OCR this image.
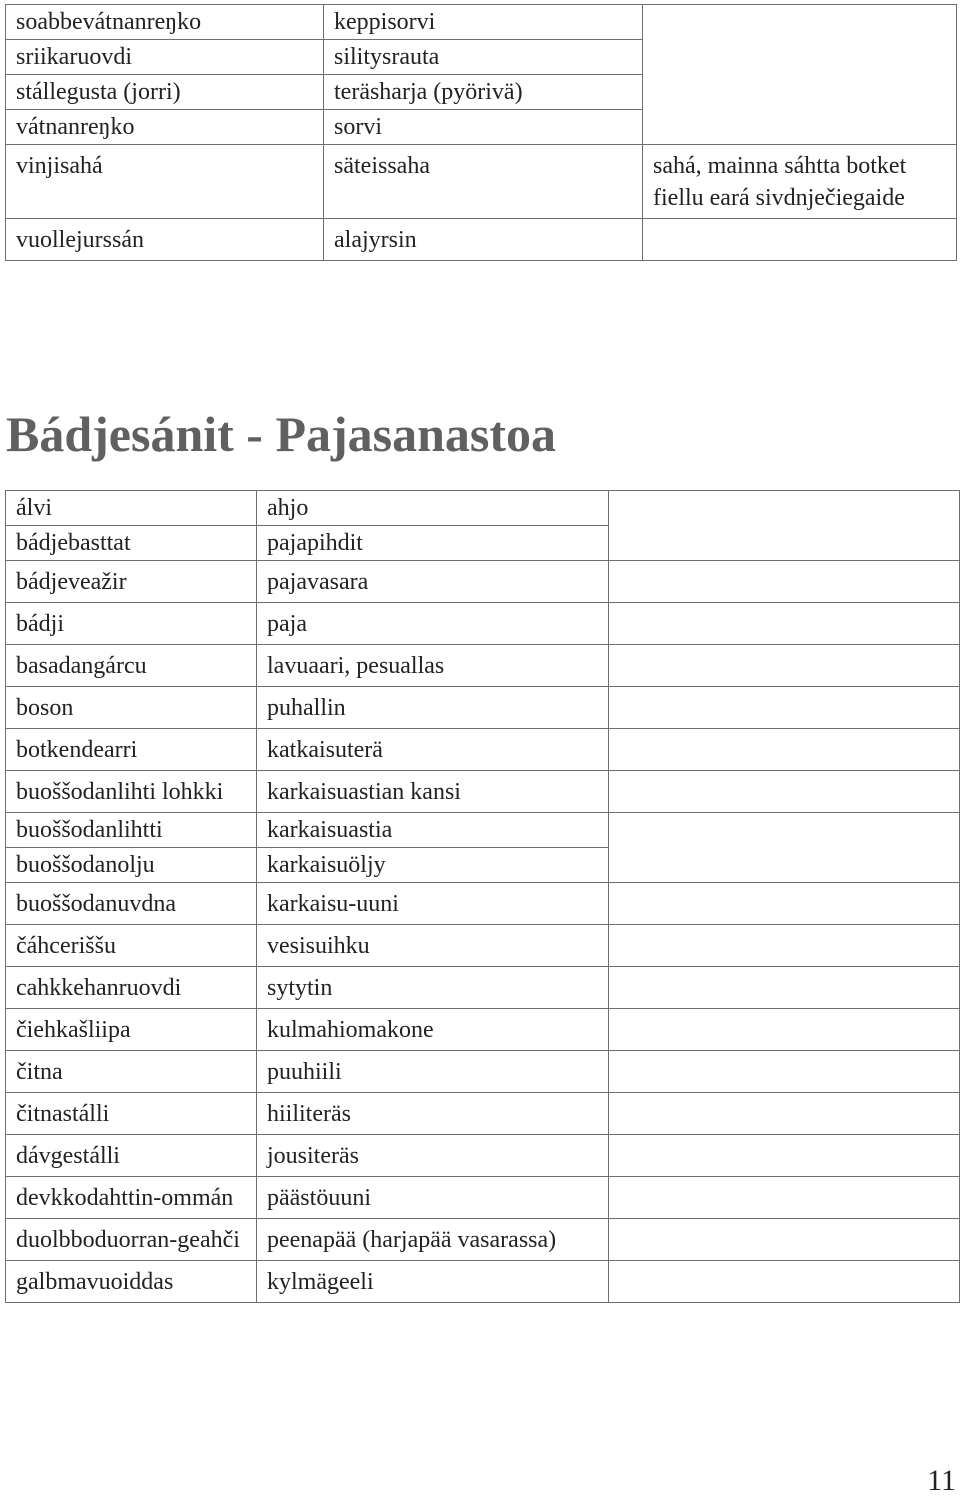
soabbevátnanreŋko	keppisorvi	
sriikaruovdi	silitysrauta	
stállegusta (jorri)	teräsharja (pyörivä)	
vátnanreŋko	sorvi	
vinjisahá	säteissaha	sahá, mainna sáhtta botket fiellu eará sivdnječiegaide
vuollejurssán	alajyrsin	
Bádjesánit - Pajasanastoa
álvi	ahjo	
bádjebasttat	pajapihdit	
bádjeveažir	pajavasara	
bádji	paja	
basadangárcu	lavuaari, pesuallas	
boson	puhallin	
botkendearri	katkaisuterä	
buoššodanlihti lohkki	karkaisuastian kansi	
buoššodanlihtti	karkaisuastia	
buoššodanolju	karkaisuöljy	
buoššodanuvdna	karkaisu-uuni	
čáhceriššu	vesisuihku	
cahkkehanruovdi	sytytin	
čiehkašliipa	kulmahiomakone	
čitna	puuhiili	
čitnastálli	hiiliteräs	
dávgestálli	jousiteräs	
devkkodahttin-ommán	päästöuuni	
duolbboduorran-geahči	peenapää (harjapää vasarassa)	
galbmavuoiddas	kylmägeeli	
11
